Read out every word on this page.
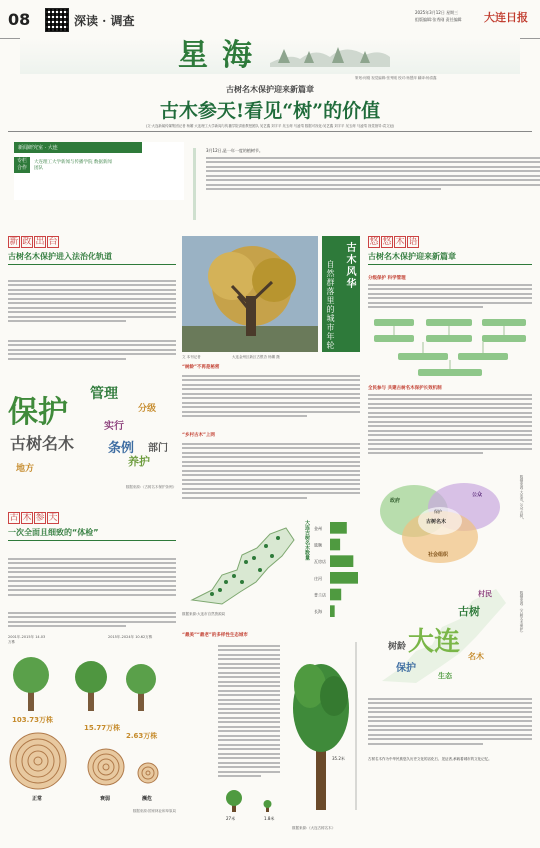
08	深读 · 调查
2025年3月12日 星期三
组版编辑:张秀刚 责任编辑	大连日报
星海
策划:何刚 视觉编辑:张秀刚 校对:杨慧萍 翻译:杨清鑫
古树名木保护迎来新篇章
古木参天!看见“树”的价值
(文·大连新闻传媒集团记者 杨媚 大连理工大学新闻与传播学院讲座教授团队 吴艺鑫 刘宇平 吴玉荷 马凌靖 数据可视化:吴艺鑫 刘宇平 吴玉荷 马凌靖 视觉指导:袁文冠)
新闻研究室 · 大连
专栏
合作
大连理工大学新闻与传播学院 数据新闻团队
3月12日,是一年一度的植树节。
新 政 出 台
古树名木保护进入法治化轨道
保护
古树名木
管理
实行
分级
条例
养护
部门
地方
数据来源:《古树名木保护条例》
古 木 参 天
一次全面且细致的“体检”
2001年-2015年 14.03万株
2015年-2024年 10.62万株
103.73万株
15.77万株
2.63万株
正常	衰弱	濒危
数据来源:国家林业和草原局
古木风华
自然群落里的城市年轮
文 本刊记者	大连金州区新区古银杏 杨媚 摄
“树龄”不再是秘密
“乡村古木”上网
数据来源:大连市自然资源局
大连古树名木数量 金州
旅顺
瓦房店
庄河
普兰店
长海
“最美”“最老”的多样性生态城市
35.2米
27米	1.8米
数据来源:《大连古树名木》
悠 悠 木 语
古树名木保护迎来新篇章
分级保护 科学管理
全民参与 共建古树名木保护长效机制
政府
公众
社会组织
古树名木
保护	数据来源:大连市“公众·古树”
大连
古树
保护
树龄
名木
村民
生态
数据来源:《古树名木保护》
古树名木作为中华民族悠久历史文化的活化石、见证者,承载着城市的文化记忆。
